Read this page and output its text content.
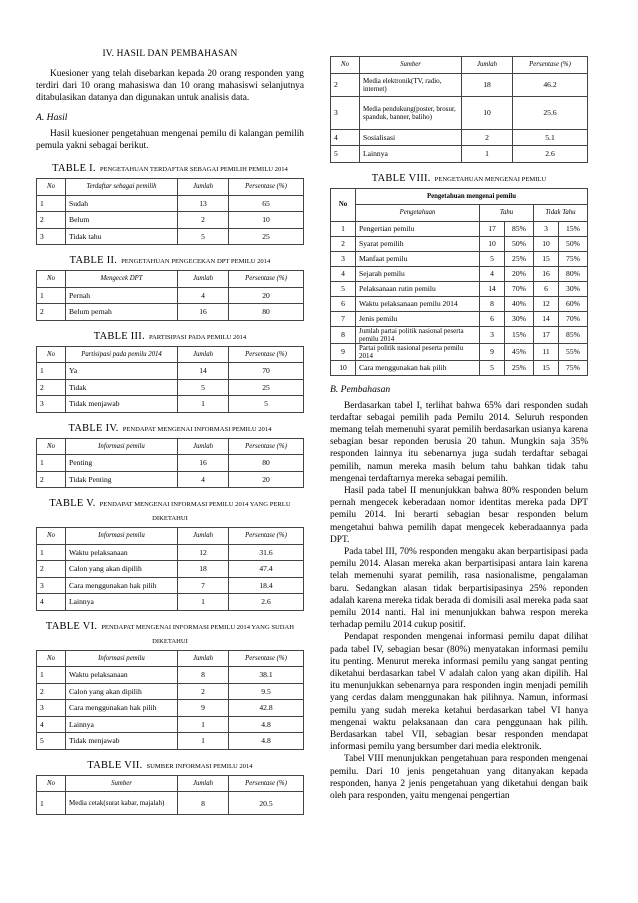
IV. HASIL DAN PEMBAHASAN

Kuesioner yang telah disebarkan kepada 20 orang responden yang terdiri dari 10 orang mahasiswa dan 10 orang mahasiswi selanjutnya ditabulasikan datanya dan digunakan untuk analisis data.

A. Hasil

Hasil kuesioner pengetahuan mengenai pemilu di kalangan pemilih pemula yakni sebagai berikut.

TABLE I. PENGETAHUAN TERDAFTAR SEBAGAI PEMILIH PEMILU 2014
No	Terdaftar sebagai pemilih	Jumlah	Persentase (%)
1	Sudah	13	65
2	Belum	2	10
3	Tidak tahu	5	25
TABLE II. PENGETAHUAN PENGECEKAN DPT PEMILU 2014
No	Mengecek DPT	Jumlah	Persentase (%)
1	Pernah	4	20
2	Belum pernah	16	80
TABLE III. PARTISIPASI PADA PEMILU 2014
No	Partisipasi pada pemilu 2014	Jumlah	Persentase (%)
1	Ya	14	70
2	Tidak	5	25
3	Tidak menjawab	1	5
TABLE IV. PENDAPAT MENGENAI INFORMASI PEMILU 2014
No	Informasi pemilu	Jumlah	Persentase (%)
1	Penting	16	80
2	Tidak Penting	4	20
TABLE V. PENDAPAT MENGENAI INFORMASI PEMILU 2014 YANG PERLU DIKETAHUI
No	Informasi pemilu	Jumlah	Persentase (%)
1	Waktu pelaksanaan	12	31.6
2	Calon yang akan dipilih	18	47.4
3	Cara menggunakan hak pilih	7	18.4
4	Lainnya	1	2.6
TABLE VI. PENDAPAT MENGENAI INFORMASI PEMILU 2014 YANG SUDAH DIKETAHUI
No	Informasi pemilu	Jumlah	Persentase (%)
1	Waktu pelaksanaan	8	38.1
2	Calon yang akan dipilih	2	9.5
3	Cara menggunakan hak pilih	9	42.8
4	Lainnya	1	4.8
5	Tidak menjawab	1	4.8
TABLE VII. SUMBER INFORMASI PEMILU 2014
No	Sumber	Jumlah	Persentase (%)
1	Media cetak(surat kabar, majalah)	8	20.5
No	Sumber	Jumlah	Persentase (%)
2	Media elektronik(TV, radio, internet)	18	46.2
3	Media pendukung(poster, brosur, spanduk, banner, baliho)	10	25.6
4	Sosialisasi	2	5.1
5	Lainnya	1	2.6
TABLE VIII. PENGETAHUAN MENGENAI PEMILU
No	Pengetahuan mengenai pemilu				
	Pengetahuan	Tahu		Tidak Tahu	
1	Pengertian pemilu	17	85%	3	15%
2	Syarat pemilih	10	50%	10	50%
3	Manfaat pemilu	5	25%	15	75%
4	Sejarah pemilu	4	20%	16	80%
5	Pelaksanaan rutin pemilu	14	70%	6	30%
6	Waktu pelaksanaan pemilu 2014	8	40%	12	60%
7	Jenis pemilu	6	30%	14	70%
8	Jumlah partai politik nasional peserta pemilu 2014	3	15%	17	85%
9	Partai politik nasional peserta pemilu 2014	9	45%	11	55%
10	Cara menggunakan hak pilih	5	25%	15	75%
B. Pembahasan

Berdasarkan tabel I, terlihat bahwa 65% dari responden sudah terdaftar sebagai pemilih pada Pemilu 2014. Seluruh responden memang telah memenuhi syarat pemilih berdasarkan usianya karena sebagian besar reponden berusia 20 tahun. Mungkin saja 35% responden lainnya itu sebenarnya juga sudah terdaftar sebagai pemilih, namun mereka masih belum tahu bahkan tidak tahu mengenai terdaftarnya mereka sebagai pemilih.

Hasil pada tabel II menunjukkan bahwa 80% responden belum pernah mengecek keberadaan nomor identitas mereka pada DPT pemilu 2014. Ini berarti sebagian besar responden belum mengetahui bahwa pemilih dapat mengecek keberadaannya pada DPT.

Pada tabel III, 70% responden mengaku akan berpartisipasi pada pemilu 2014. Alasan mereka akan berpartisipasi antara lain karena telah memenuhi syarat pemilih, rasa nasionalisme, pengalaman baru. Sedangkan alasan tidak berpartisipasinya 25% reponden adalah karena mereka tidak berada di domisili asal mereka pada saat pemilu 2014 nanti. Hal ini menunjukkan bahwa respon mereka terhadap pemilu 2014 cukup positif.

Pendapat responden mengenai informasi pemilu dapat dilihat pada tabel IV, sebagian besar (80%) menyatakan informasi pemilu itu penting. Menurut mereka informasi pemilu yang sangat penting diketahui berdasarkan tabel V adalah calon yang akan dipilih. Hal itu menunjukkan sebenarnya para responden ingin menjadi pemilih yang cerdas dalam menggunakan hak pilihnya. Namun, informasi pemilu yang sudah mereka ketahui berdasarkan tabel VI hanya mengenai waktu pelaksanaan dan cara penggunaan hak pilih. Berdasarkan tabel VII, sebagian besar responden mendapat informasi pemilu yang bersumber dari media elektronik.

Tabel VIII menunjukkan pengetahuan para responden mengenai pemilu. Dari 10 jenis pengetahuan yang ditanyakan kepada responden, hanya 2 jenis pengetahuan yang diketahui dengan baik oleh para responden, yaitu mengenai pengertian
